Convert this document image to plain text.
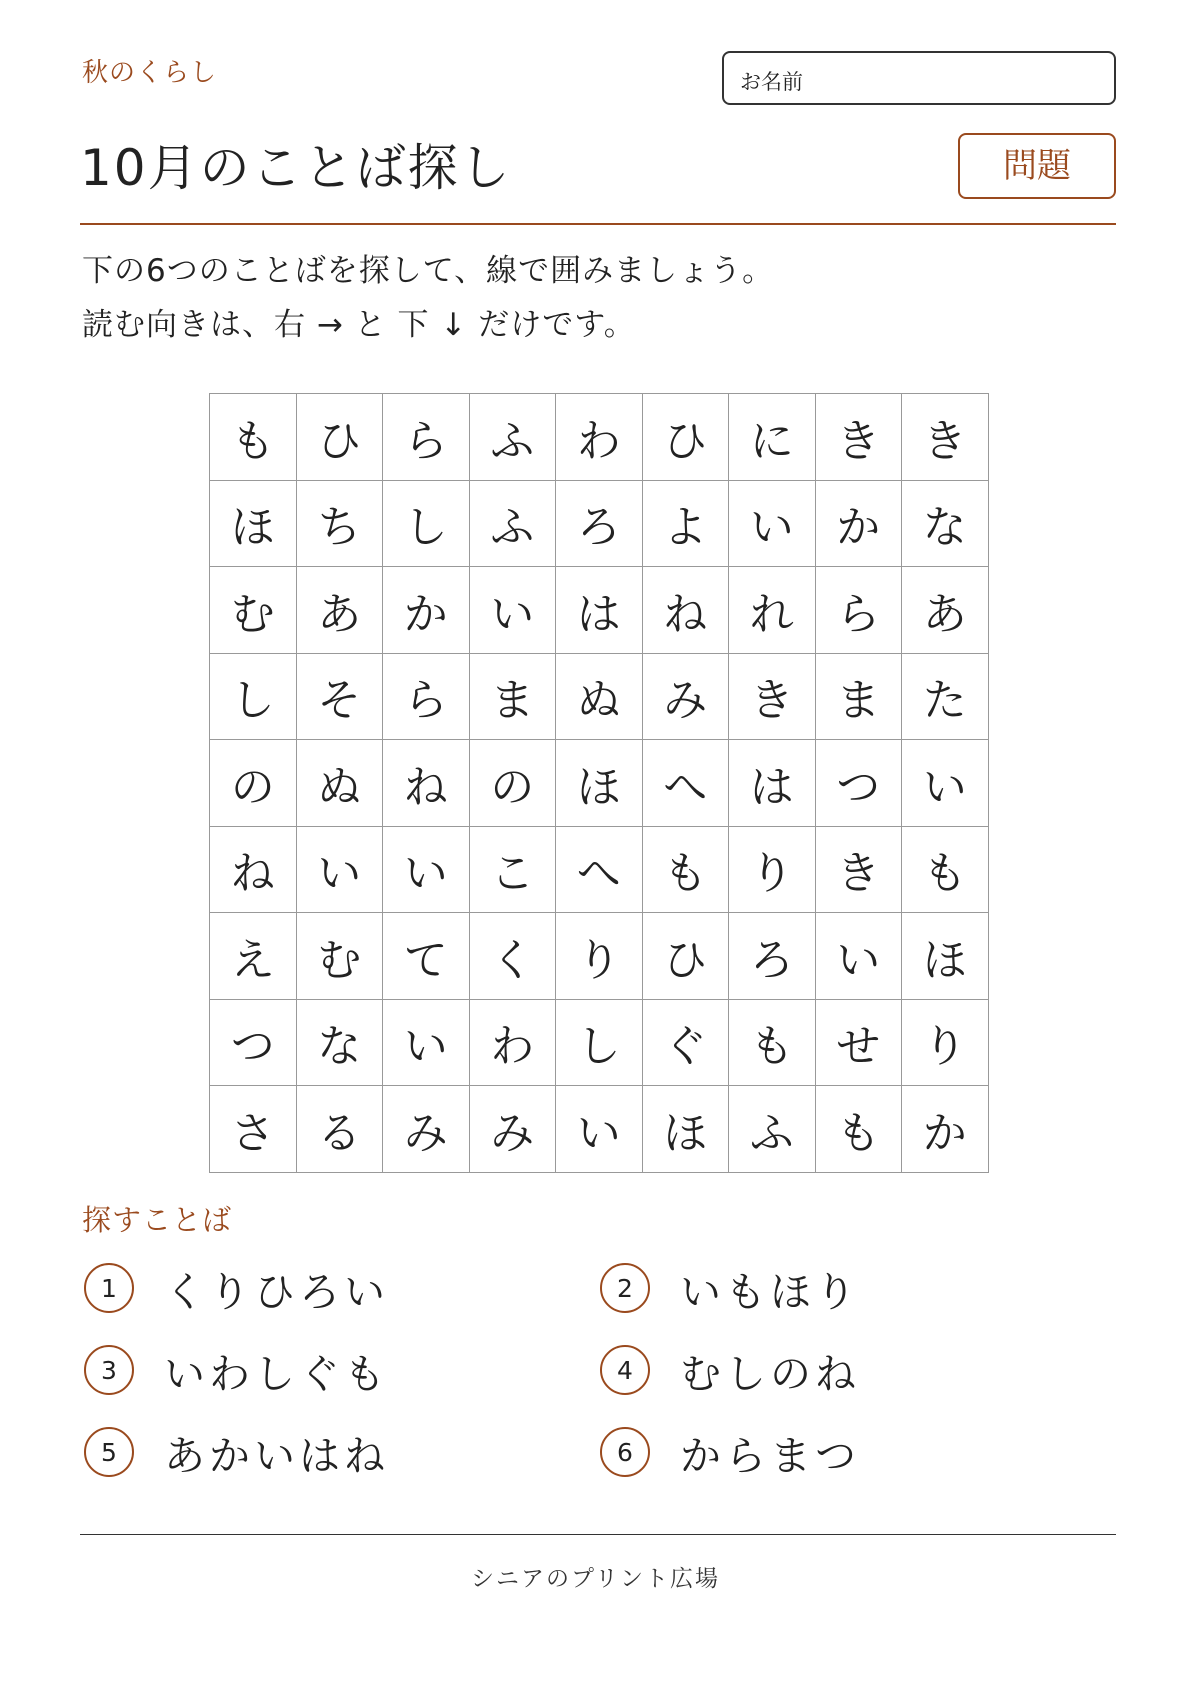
秋のくらし	お名前
10月のことば探し	問題
下の6つのことばを探して、線で囲みましょう。
読む向きは、右 → と 下 ↓ だけです。
も ひ ら ふ わ ひ に き き
ほ ち し ふ ろ よ い か な
む あ か い は ね れ ら あ
し そ ら ま ぬ み き ま た
の ぬ ね の ほ へ は つ い
ね い い こ へ も り き も
え む て く り ひ ろ い ほ
つ な い わ し ぐ も せ り
さ る み み い ほ ふ も か
探すことば
1	くりひろい	2	いもほり
3	いわしぐも	4	むしのね
5	あかいはね	6	からまつ
シニアのプリント広場
